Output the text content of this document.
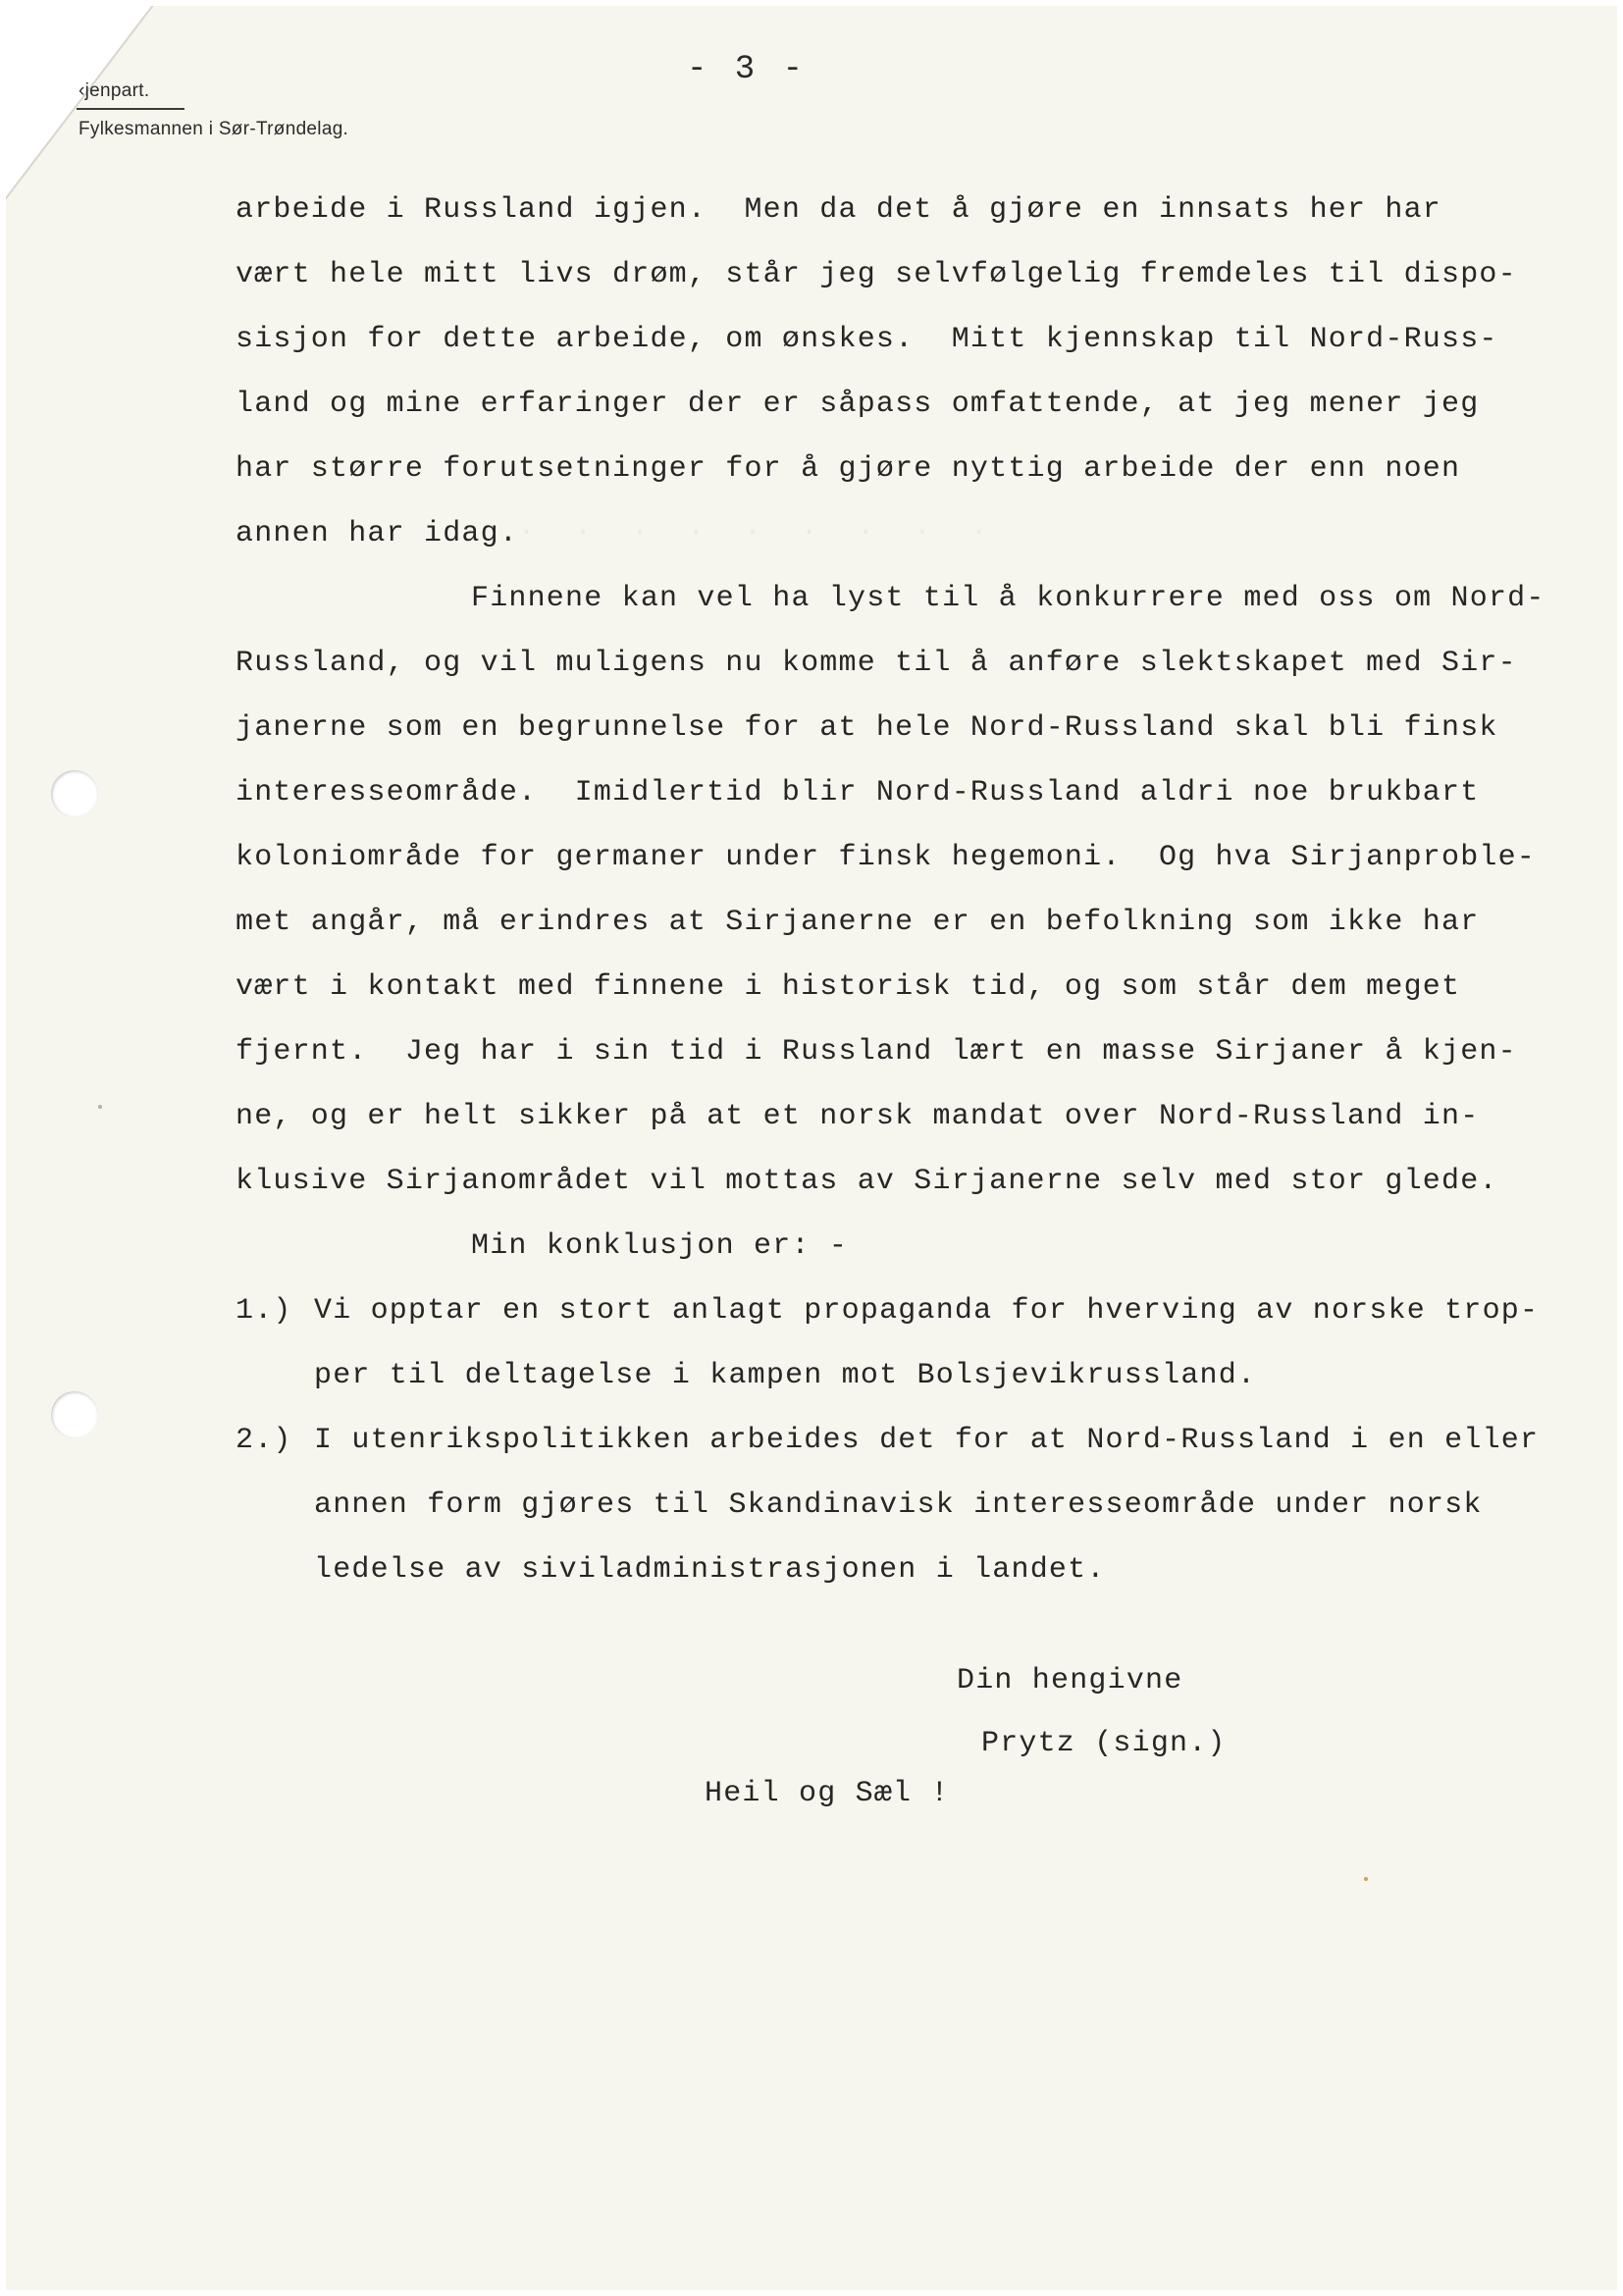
‹jenpart.
Fylkesmannen i Sør-Trøndelag.
- 3 -
.  .  .  .  .  .  .  .  .  .
arbeide i Russland igjen.  Men da det å gjøre en innsats her har
vært hele mitt livs drøm, står jeg selvfølgelig fremdeles til dispo-
sisjon for dette arbeide, om ønskes.  Mitt kjennskap til Nord-Russ-
land og mine erfaringer der er såpass omfattende, at jeg mener jeg
har større forutsetninger for å gjøre nyttig arbeide der enn noen
annen har idag.
Finnene kan vel ha lyst til å konkurrere med oss om Nord-
Russland, og vil muligens nu komme til å anføre slektskapet med Sir-
janerne som en begrunnelse for at hele Nord-Russland skal bli finsk
interesseområde.  Imidlertid blir Nord-Russland aldri noe brukbart
koloniområde for germaner under finsk hegemoni.  Og hva Sirjanproble-
met angår, må erindres at Sirjanerne er en befolkning som ikke har
vært i kontakt med finnene i historisk tid, og som står dem meget
fjernt.  Jeg har i sin tid i Russland lært en masse Sirjaner å kjen-
ne, og er helt sikker på at et norsk mandat over Nord-Russland in-
klusive Sirjanområdet vil mottas av Sirjanerne selv med stor glede.
Min konklusjon er: -
1.) Vi opptar en stort anlagt propaganda for hverving av norske trop-
per til deltagelse i kampen mot Bolsjevikrussland.
2.) I utenrikspolitikken arbeides det for at Nord-Russland i en eller
annen form gjøres til Skandinavisk interesseområde under norsk
ledelse av siviladministrasjonen i landet.
Din hengivne
Prytz (sign.)
Heil og Sæl !
